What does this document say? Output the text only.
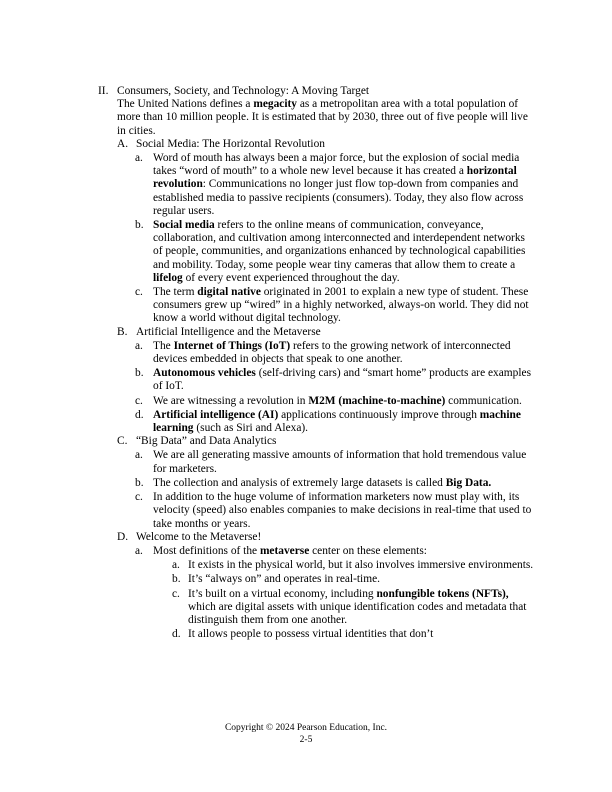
II. Consumers, Society, and Technology: A Moving Target
The United Nations defines a megacity as a metropolitan area with a total population of more than 10 million people. It is estimated that by 2030, three out of five people will live in cities.
A. Social Media: The Horizontal Revolution
a. Word of mouth has always been a major force, but the explosion of social media takes “word of mouth” to a whole new level because it has created a horizontal revolution: Communications no longer just flow top-down from companies and established media to passive recipients (consumers). Today, they also flow across regular users.
b. Social media refers to the online means of communication, conveyance, collaboration, and cultivation among interconnected and interdependent networks of people, communities, and organizations enhanced by technological capabilities and mobility. Today, some people wear tiny cameras that allow them to create a lifelog of every event experienced throughout the day.
c. The term digital native originated in 2001 to explain a new type of student. These consumers grew up “wired” in a highly networked, always-on world. They did not know a world without digital technology.
B. Artificial Intelligence and the Metaverse
a. The Internet of Things (IoT) refers to the growing network of interconnected devices embedded in objects that speak to one another.
b. Autonomous vehicles (self-driving cars) and “smart home” products are examples of IoT.
c. We are witnessing a revolution in M2M (machine-to-machine) communication.
d. Artificial intelligence (AI) applications continuously improve through machine learning (such as Siri and Alexa).
C. “Big Data” and Data Analytics
a. We are all generating massive amounts of information that hold tremendous value for marketers.
b. The collection and analysis of extremely large datasets is called Big Data.
c. In addition to the huge volume of information marketers now must play with, its velocity (speed) also enables companies to make decisions in real-time that used to take months or years.
D. Welcome to the Metaverse!
a. Most definitions of the metaverse center on these elements:
a. It exists in the physical world, but it also involves immersive environments.
b. It’s “always on” and operates in real-time.
c. It’s built on a virtual economy, including nonfungible tokens (NFTs), which are digital assets with unique identification codes and metadata that distinguish them from one another.
d. It allows people to possess virtual identities that don’t
Copyright © 2024 Pearson Education, Inc.
2-5
